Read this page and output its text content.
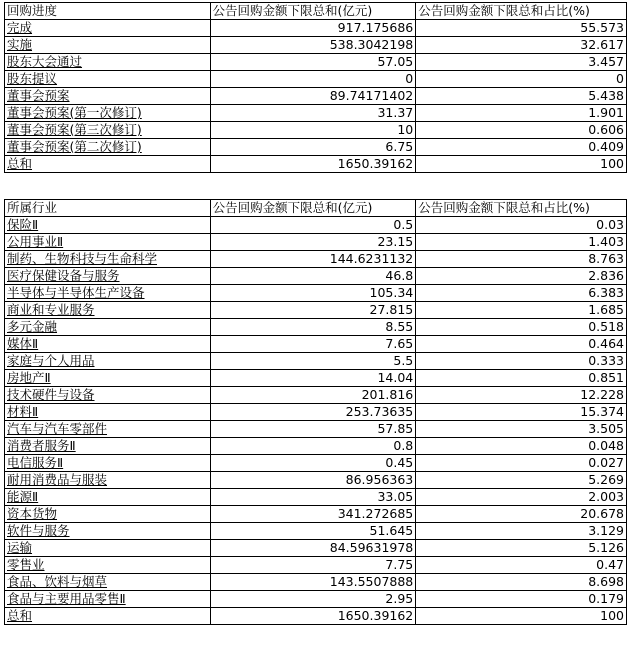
回购进度	公告回购金额下限总和(亿元)	公告回购金额下限总和占比(%)
完成	917.175686	55.573
实施	538.3042198	32.617
股东大会通过	57.05	3.457
股东提议	0	0
董事会预案	89.74171402	5.438
董事会预案(第一次修订)	31.37	1.901
董事会预案(第三次修订)	10	0.606
董事会预案(第二次修订)	6.75	0.409
总和	1650.39162	100
所属行业	公告回购金额下限总和(亿元)	公告回购金额下限总和占比(%)
保险Ⅱ	0.5	0.03
公用事业Ⅱ	23.15	1.403
制药、生物科技与生命科学	144.6231132	8.763
医疗保健设备与服务	46.8	2.836
半导体与半导体生产设备	105.34	6.383
商业和专业服务	27.815	1.685
多元金融	8.55	0.518
媒体Ⅱ	7.65	0.464
家庭与个人用品	5.5	0.333
房地产Ⅱ	14.04	0.851
技术硬件与设备	201.816	12.228
材料Ⅱ	253.73635	15.374
汽车与汽车零部件	57.85	3.505
消费者服务Ⅱ	0.8	0.048
电信服务Ⅱ	0.45	0.027
耐用消费品与服装	86.956363	5.269
能源Ⅱ	33.05	2.003
资本货物	341.272685	20.678
软件与服务	51.645	3.129
运输	84.59631978	5.126
零售业	7.75	0.47
食品、饮料与烟草	143.5507888	8.698
食品与主要用品零售Ⅱ	2.95	0.179
总和	1650.39162	100
